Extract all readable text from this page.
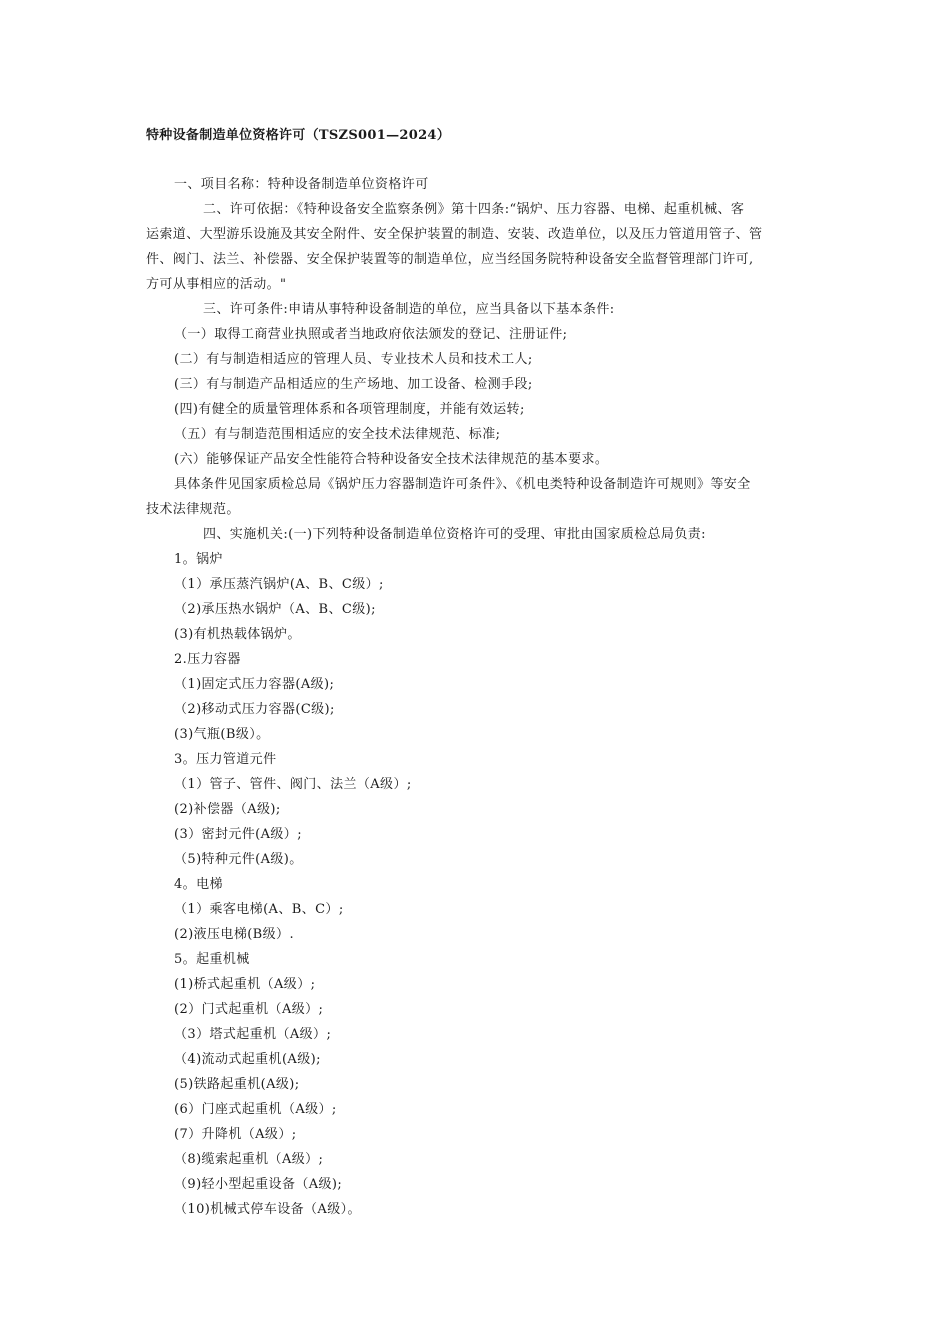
特种设备制造单位资格许可（TSZS001—2024）
一、项目名称：特种设备制造单位资格许可
二、许可依据：《特种设备安全监察条例》第十四条:“锅炉、压力容器、电梯、起重机械、客
运索道、大型游乐设施及其安全附件、安全保护装置的制造、安装、改造单位，以及压力管道用管子、管
件、阀门、法兰、补偿器、安全保护装置等的制造单位，应当经国务院特种设备安全监督管理部门许可,
方可从事相应的活动。"
三、许可条件:申请从事特种设备制造的单位，应当具备以下基本条件:
（一）取得工商营业执照或者当地政府依法颁发的登记、注册证件;
(二）有与制造相适应的管理人员、专业技术人员和技术工人;
(三）有与制造产品相适应的生产场地、加工设备、检测手段;
(四)有健全的质量管理体系和各项管理制度，并能有效运转;
（五）有与制造范围相适应的安全技术法律规范、标准;
(六）能够保证产品安全性能符合特种设备安全技术法律规范的基本要求。
具体条件见国家质检总局《锅炉压力容器制造许可条件》、《机电类特种设备制造许可规则》等安全
技术法律规范。
四、实施机关:(一)下列特种设备制造单位资格许可的受理、审批由国家质检总局负责:
1。锅炉
（1）承压蒸汽锅炉(A、B、C级）;
（2)承压热水锅炉（A、B、C级);
(3)有机热载体锅炉。
2.压力容器
（1)固定式压力容器(A级);
（2)移动式压力容器(C级);
(3)气瓶(B级）。
3。压力管道元件
（1）管子、管件、阀门、法兰（A级）;
(2)补偿器（A级);
(3）密封元件(A级）;
（5)特种元件(A级)。
4。电梯
（1）乘客电梯(A、B、C）;
(2)液压电梯(B级）.
5。起重机械
(1)桥式起重机（A级）;
(2）门式起重机（A级）;
（3）塔式起重机（A级）;
（4)流动式起重机(A级);
(5)铁路起重机(A级);
(6）门座式起重机（A级）;
(7）升降机（A级）;
（8)缆索起重机（A级）;
（9)轻小型起重设备（A级);
（10)机械式停车设备（A级）。
